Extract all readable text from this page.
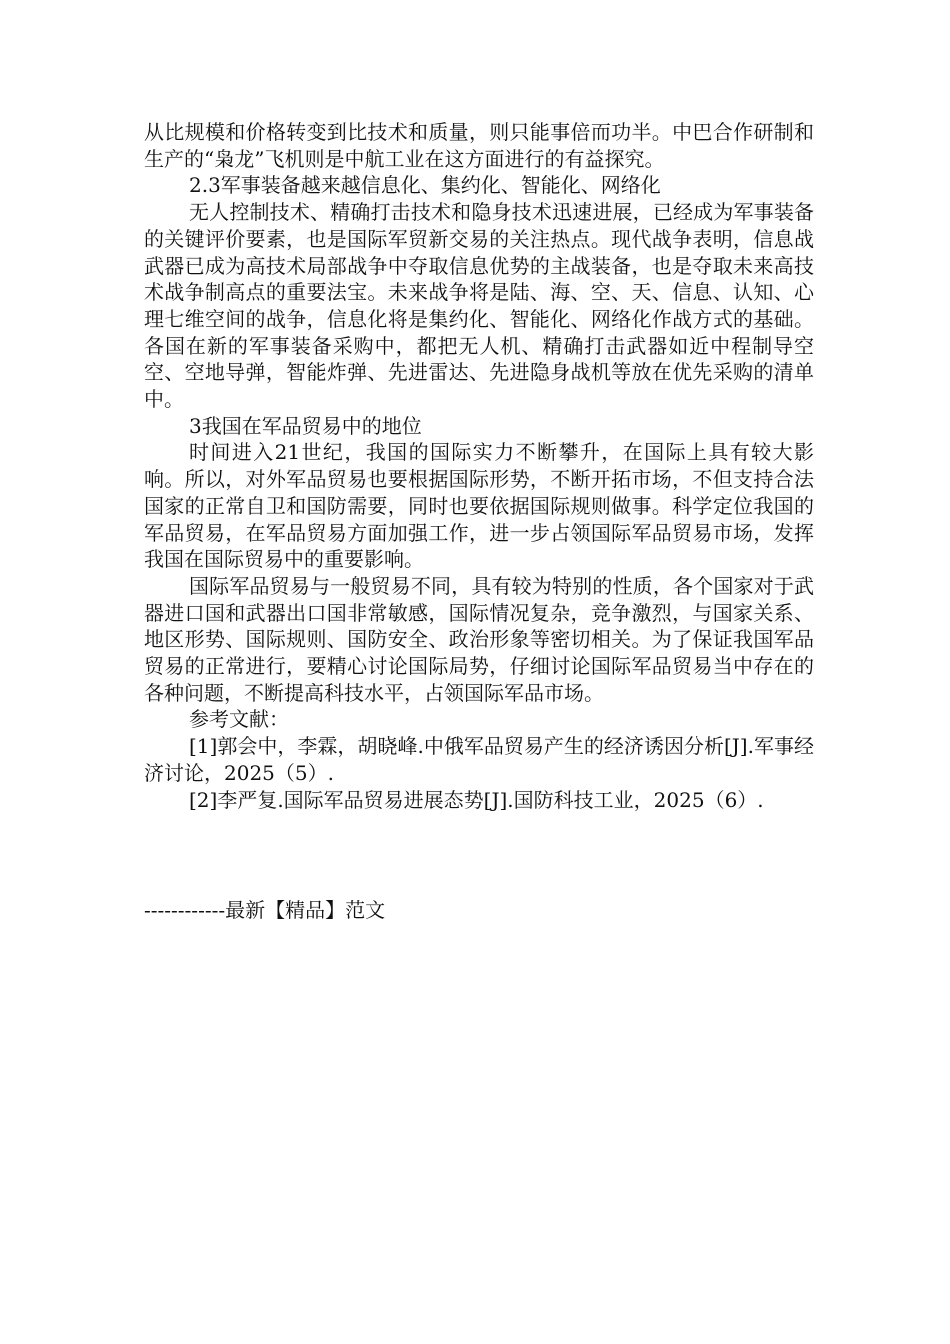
从比规模和价格转变到比技术和质量，则只能事倍而功半。中巴合作研制和生产的“枭龙”飞机则是中航工业在这方面进行的有益探究。

2.3军事装备越来越信息化、集约化、智能化、网络化

无人控制技术、精确打击技术和隐身技术迅速进展，已经成为军事装备的关键评价要素，也是国际军贸新交易的关注热点。现代战争表明，信息战武器已成为高技术局部战争中夺取信息优势的主战装备，也是夺取未来高技术战争制高点的重要法宝。未来战争将是陆、海、空、天、信息、认知、心理七维空间的战争，信息化将是集约化、智能化、网络化作战方式的基础。各国在新的军事装备采购中，都把无人机、精确打击武器如近中程制导空空、空地导弹，智能炸弹、先进雷达、先进隐身战机等放在优先采购的清单中。

3我国在军品贸易中的地位

时间进入21世纪，我国的国际实力不断攀升，在国际上具有较大影响。所以，对外军品贸易也要根据国际形势，不断开拓市场，不但支持合法国家的正常自卫和国防需要，同时也要依据国际规则做事。科学定位我国的军品贸易，在军品贸易方面加强工作，进一步占领国际军品贸易市场，发挥我国在国际贸易中的重要影响。

国际军品贸易与一般贸易不同，具有较为特别的性质，各个国家对于武器进口国和武器出口国非常敏感，国际情况复杂，竞争激烈，与国家关系、地区形势、国际规则、国防安全、政治形象等密切相关。为了保证我国军品贸易的正常进行，要精心讨论国际局势，仔细讨论国际军品贸易当中存在的各种问题，不断提高科技水平，占领国际军品市场。

参考文献：

[1]郭会中，李霖，胡晓峰.中俄军品贸易产生的经济诱因分析[J].军事经济讨论，2025（5）.

[2]李严复.国际军品贸易进展态势[J].国防科技工业，2025（6）.

------------最新【精品】范文
